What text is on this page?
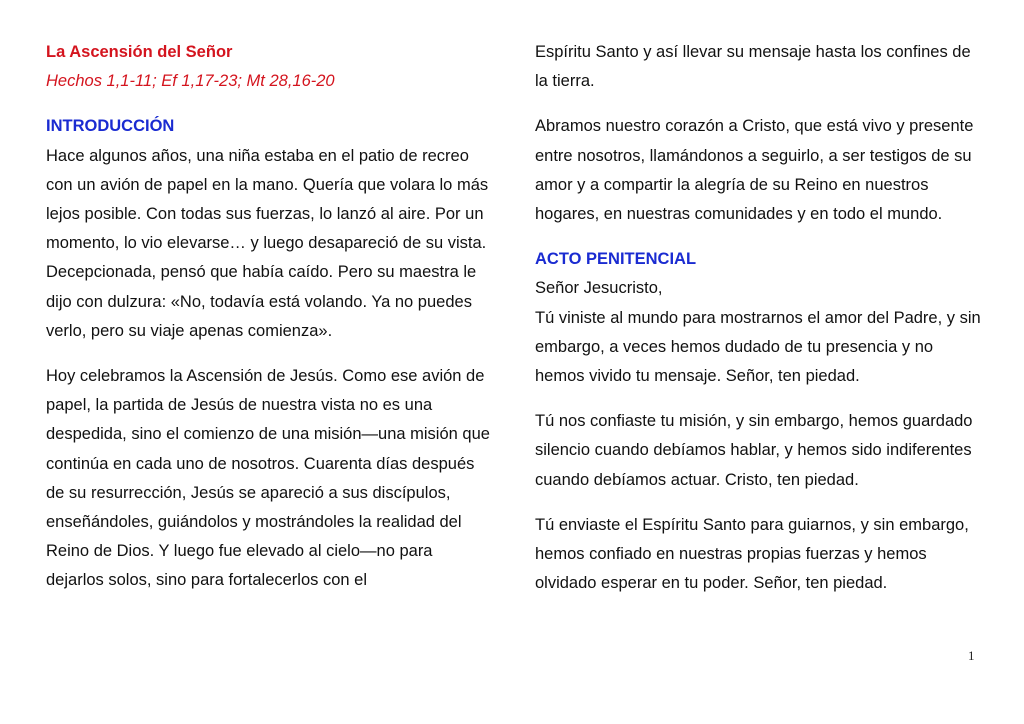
La Ascensión del Señor

Hechos 1,1-11; Ef 1,17-23; Mt 28,16-20

INTRODUCCIÓN

Hace algunos años, una niña estaba en el patio de recreo con un avión de papel en la mano. Quería que volara lo más lejos posible. Con todas sus fuerzas, lo lanzó al aire. Por un momento, lo vio elevarse… y luego desapareció de su vista. Decepcionada, pensó que había caído. Pero su maestra le dijo con dulzura: «No, todavía está volando. Ya no puedes verlo, pero su viaje apenas comienza».

Hoy celebramos la Ascensión de Jesús. Como ese avión de papel, la partida de Jesús de nuestra vista no es una despedida, sino el comienzo de una misión—una misión que continúa en cada uno de nosotros. Cuarenta días después de su resurrección, Jesús se apareció a sus discípulos, enseñándoles, guiándolos y mostrándoles la realidad del Reino de Dios. Y luego fue elevado al cielo—no para dejarlos solos, sino para fortalecerlos con el

Espíritu Santo y así llevar su mensaje hasta los confines de la tierra.

Abramos nuestro corazón a Cristo, que está vivo y presente entre nosotros, llamándonos a seguirlo, a ser testigos de su amor y a compartir la alegría de su Reino en nuestros hogares, en nuestras comunidades y en todo el mundo.

ACTO PENITENCIAL

Señor Jesucristo,

Tú viniste al mundo para mostrarnos el amor del Padre, y sin embargo, a veces hemos dudado de tu presencia y no hemos vivido tu mensaje. Señor, ten piedad.

Tú nos confiaste tu misión, y sin embargo, hemos guardado silencio cuando debíamos hablar, y hemos sido indiferentes cuando debíamos actuar. Cristo, ten piedad.

Tú enviaste el Espíritu Santo para guiarnos, y sin embargo, hemos confiado en nuestras propias fuerzas y hemos olvidado esperar en tu poder. Señor, ten piedad.

1
